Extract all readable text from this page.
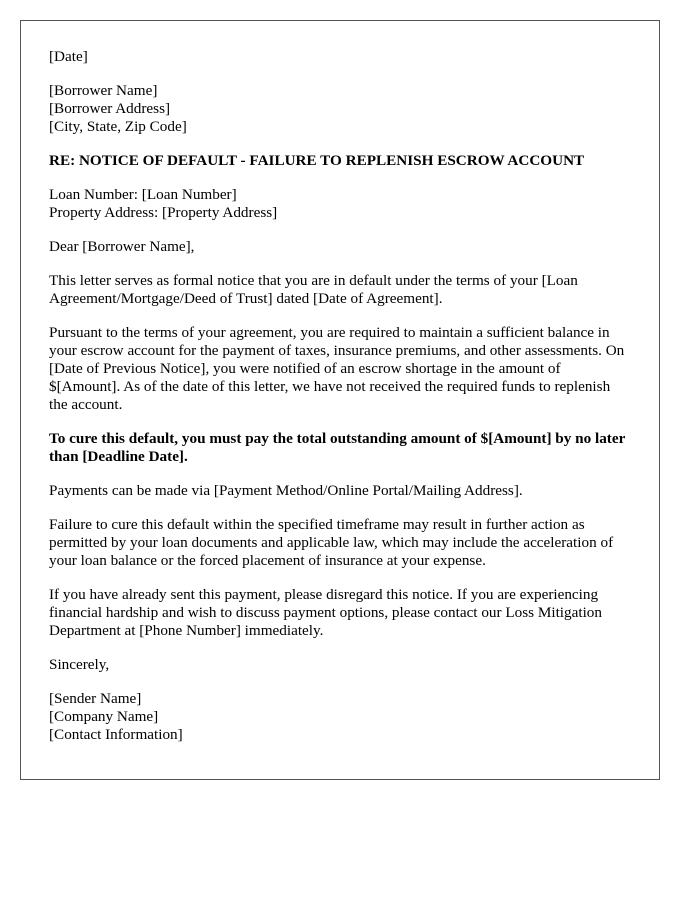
[Date]
[Borrower Name]
[Borrower Address]
[City, State, Zip Code]
RE: NOTICE OF DEFAULT - FAILURE TO REPLENISH ESCROW ACCOUNT
Loan Number: [Loan Number]
Property Address: [Property Address]

Dear [Borrower Name],

This letter serves as formal notice that you are in default under the terms of your [Loan Agreement/Mortgage/Deed of Trust] dated [Date of Agreement].

Pursuant to the terms of your agreement, you are required to maintain a sufficient balance in your escrow account for the payment of taxes, insurance premiums, and other assessments. On [Date of Previous Notice], you were notified of an escrow shortage in the amount of $[Amount]. As of the date of this letter, we have not received the required funds to replenish the account.

To cure this default, you must pay the total outstanding amount of $[Amount] by no later than [Deadline Date].

Payments can be made via [Payment Method/Online Portal/Mailing Address].

Failure to cure this default within the specified timeframe may result in further action as permitted by your loan documents and applicable law, which may include the acceleration of your loan balance or the forced placement of insurance at your expense.

If you have already sent this payment, please disregard this notice. If you are experiencing financial hardship and wish to discuss payment options, please contact our Loss Mitigation Department at [Phone Number] immediately.

Sincerely,

[Sender Name]
[Company Name]
[Contact Information]
